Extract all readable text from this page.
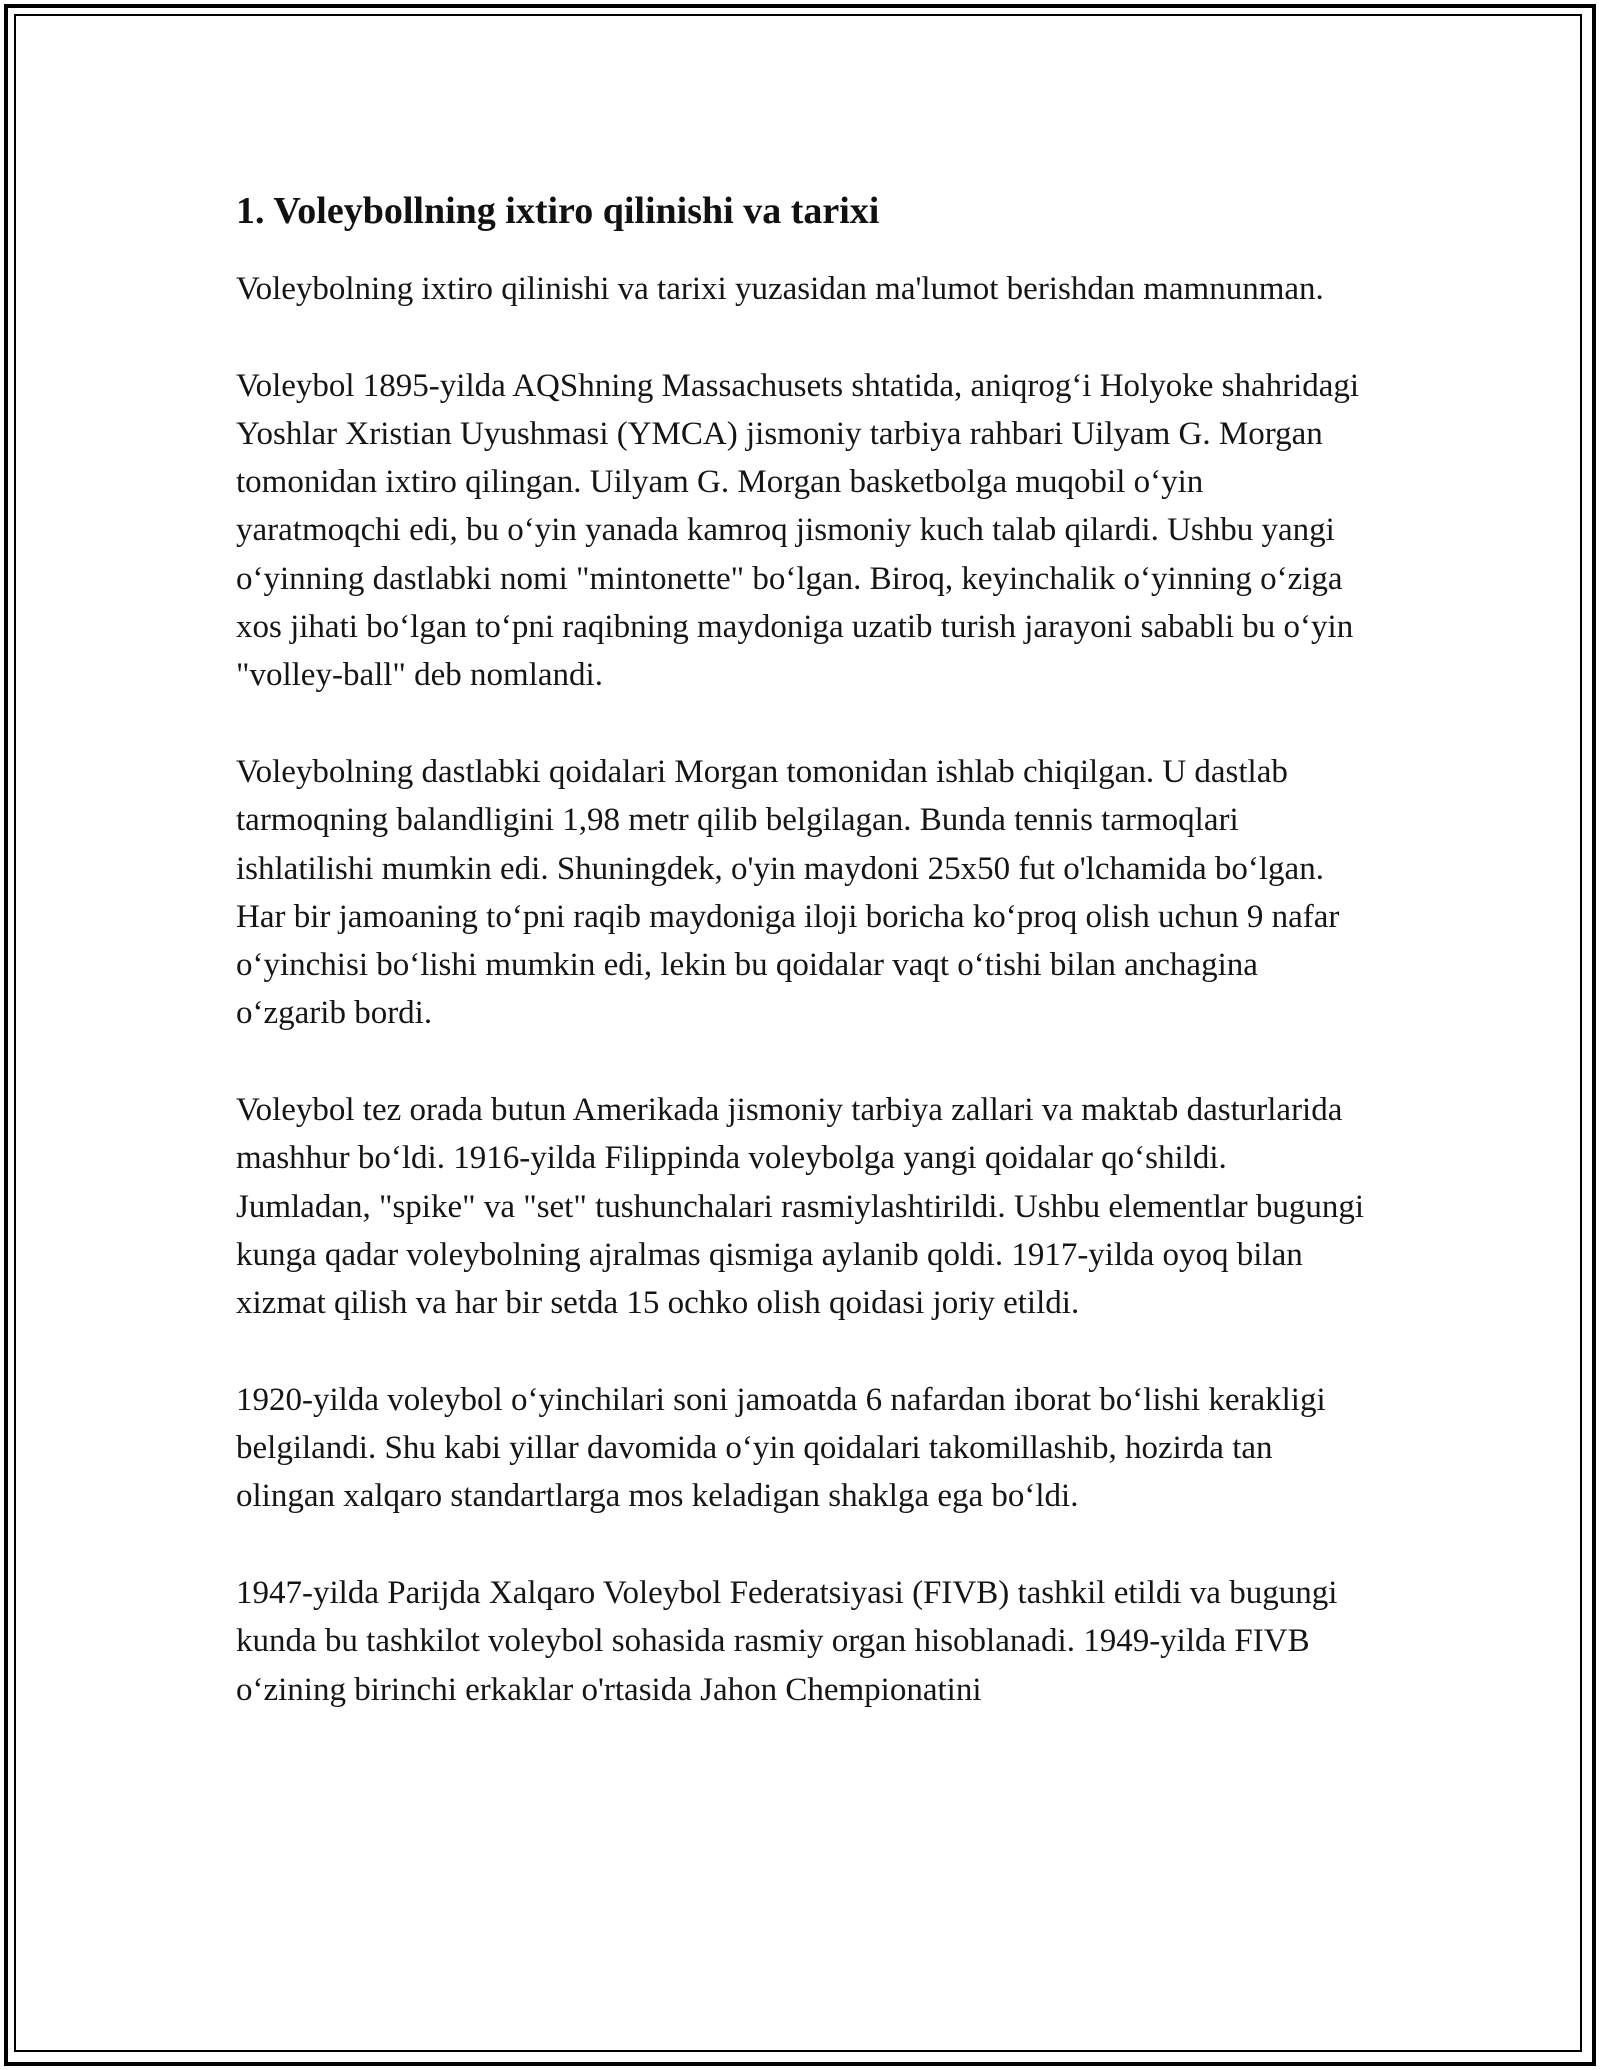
1. Voleybollning ixtiro qilinishi va tarixi

Voleybolning ixtiro qilinishi va tarixi yuzasidan ma'lumot berishdan mamnunman.

Voleybol 1895-yilda AQShning Massachusets shtatida, aniqrog‘i Holyoke shahridagi Yoshlar Xristian Uyushmasi (YMCA) jismoniy tarbiya rahbari Uilyam G. Morgan tomonidan ixtiro qilingan. Uilyam G. Morgan basketbolga muqobil o‘yin yaratmoqchi edi, bu o‘yin yanada kamroq jismoniy kuch talab qilardi. Ushbu yangi o‘yinning dastlabki nomi "mintonette" bo‘lgan. Biroq, keyinchalik o‘yinning o‘ziga xos jihati bo‘lgan to‘pni raqibning maydoniga uzatib turish jarayoni sababli bu o‘yin "volley-ball" deb nomlandi.

Voleybolning dastlabki qoidalari Morgan tomonidan ishlab chiqilgan. U dastlab tarmoqning balandligini 1,98 metr qilib belgilagan. Bunda tennis tarmoqlari ishlatilishi mumkin edi. Shuningdek, o'yin maydoni 25x50 fut o'lchamida bo‘lgan. Har bir jamoaning to‘pni raqib maydoniga iloji boricha ko‘proq olish uchun 9 nafar o‘yinchisi bo‘lishi mumkin edi, lekin bu qoidalar vaqt o‘tishi bilan anchagina o‘zgarib bordi.

Voleybol tez orada butun Amerikada jismoniy tarbiya zallari va maktab dasturlarida mashhur bo‘ldi. 1916-yilda Filippinda voleybolga yangi qoidalar qo‘shildi. Jumladan, "spike" va "set" tushunchalari rasmiylashtirildi. Ushbu elementlar bugungi kunga qadar voleybolning ajralmas qismiga aylanib qoldi. 1917-yilda oyoq bilan xizmat qilish va har bir setda 15 ochko olish qoidasi joriy etildi.

1920-yilda voleybol o‘yinchilari soni jamoatda 6 nafardan iborat bo‘lishi kerakligi belgilandi. Shu kabi yillar davomida o‘yin qoidalari takomillashib, hozirda tan olingan xalqaro standartlarga mos keladigan shaklga ega bo‘ldi.

1947-yilda Parijda Xalqaro Voleybol Federatsiyasi (FIVB) tashkil etildi va bugungi kunda bu tashkilot voleybol sohasida rasmiy organ hisoblanadi. 1949-yilda FIVB o‘zining birinchi erkaklar o'rtasida Jahon Chempionatini
